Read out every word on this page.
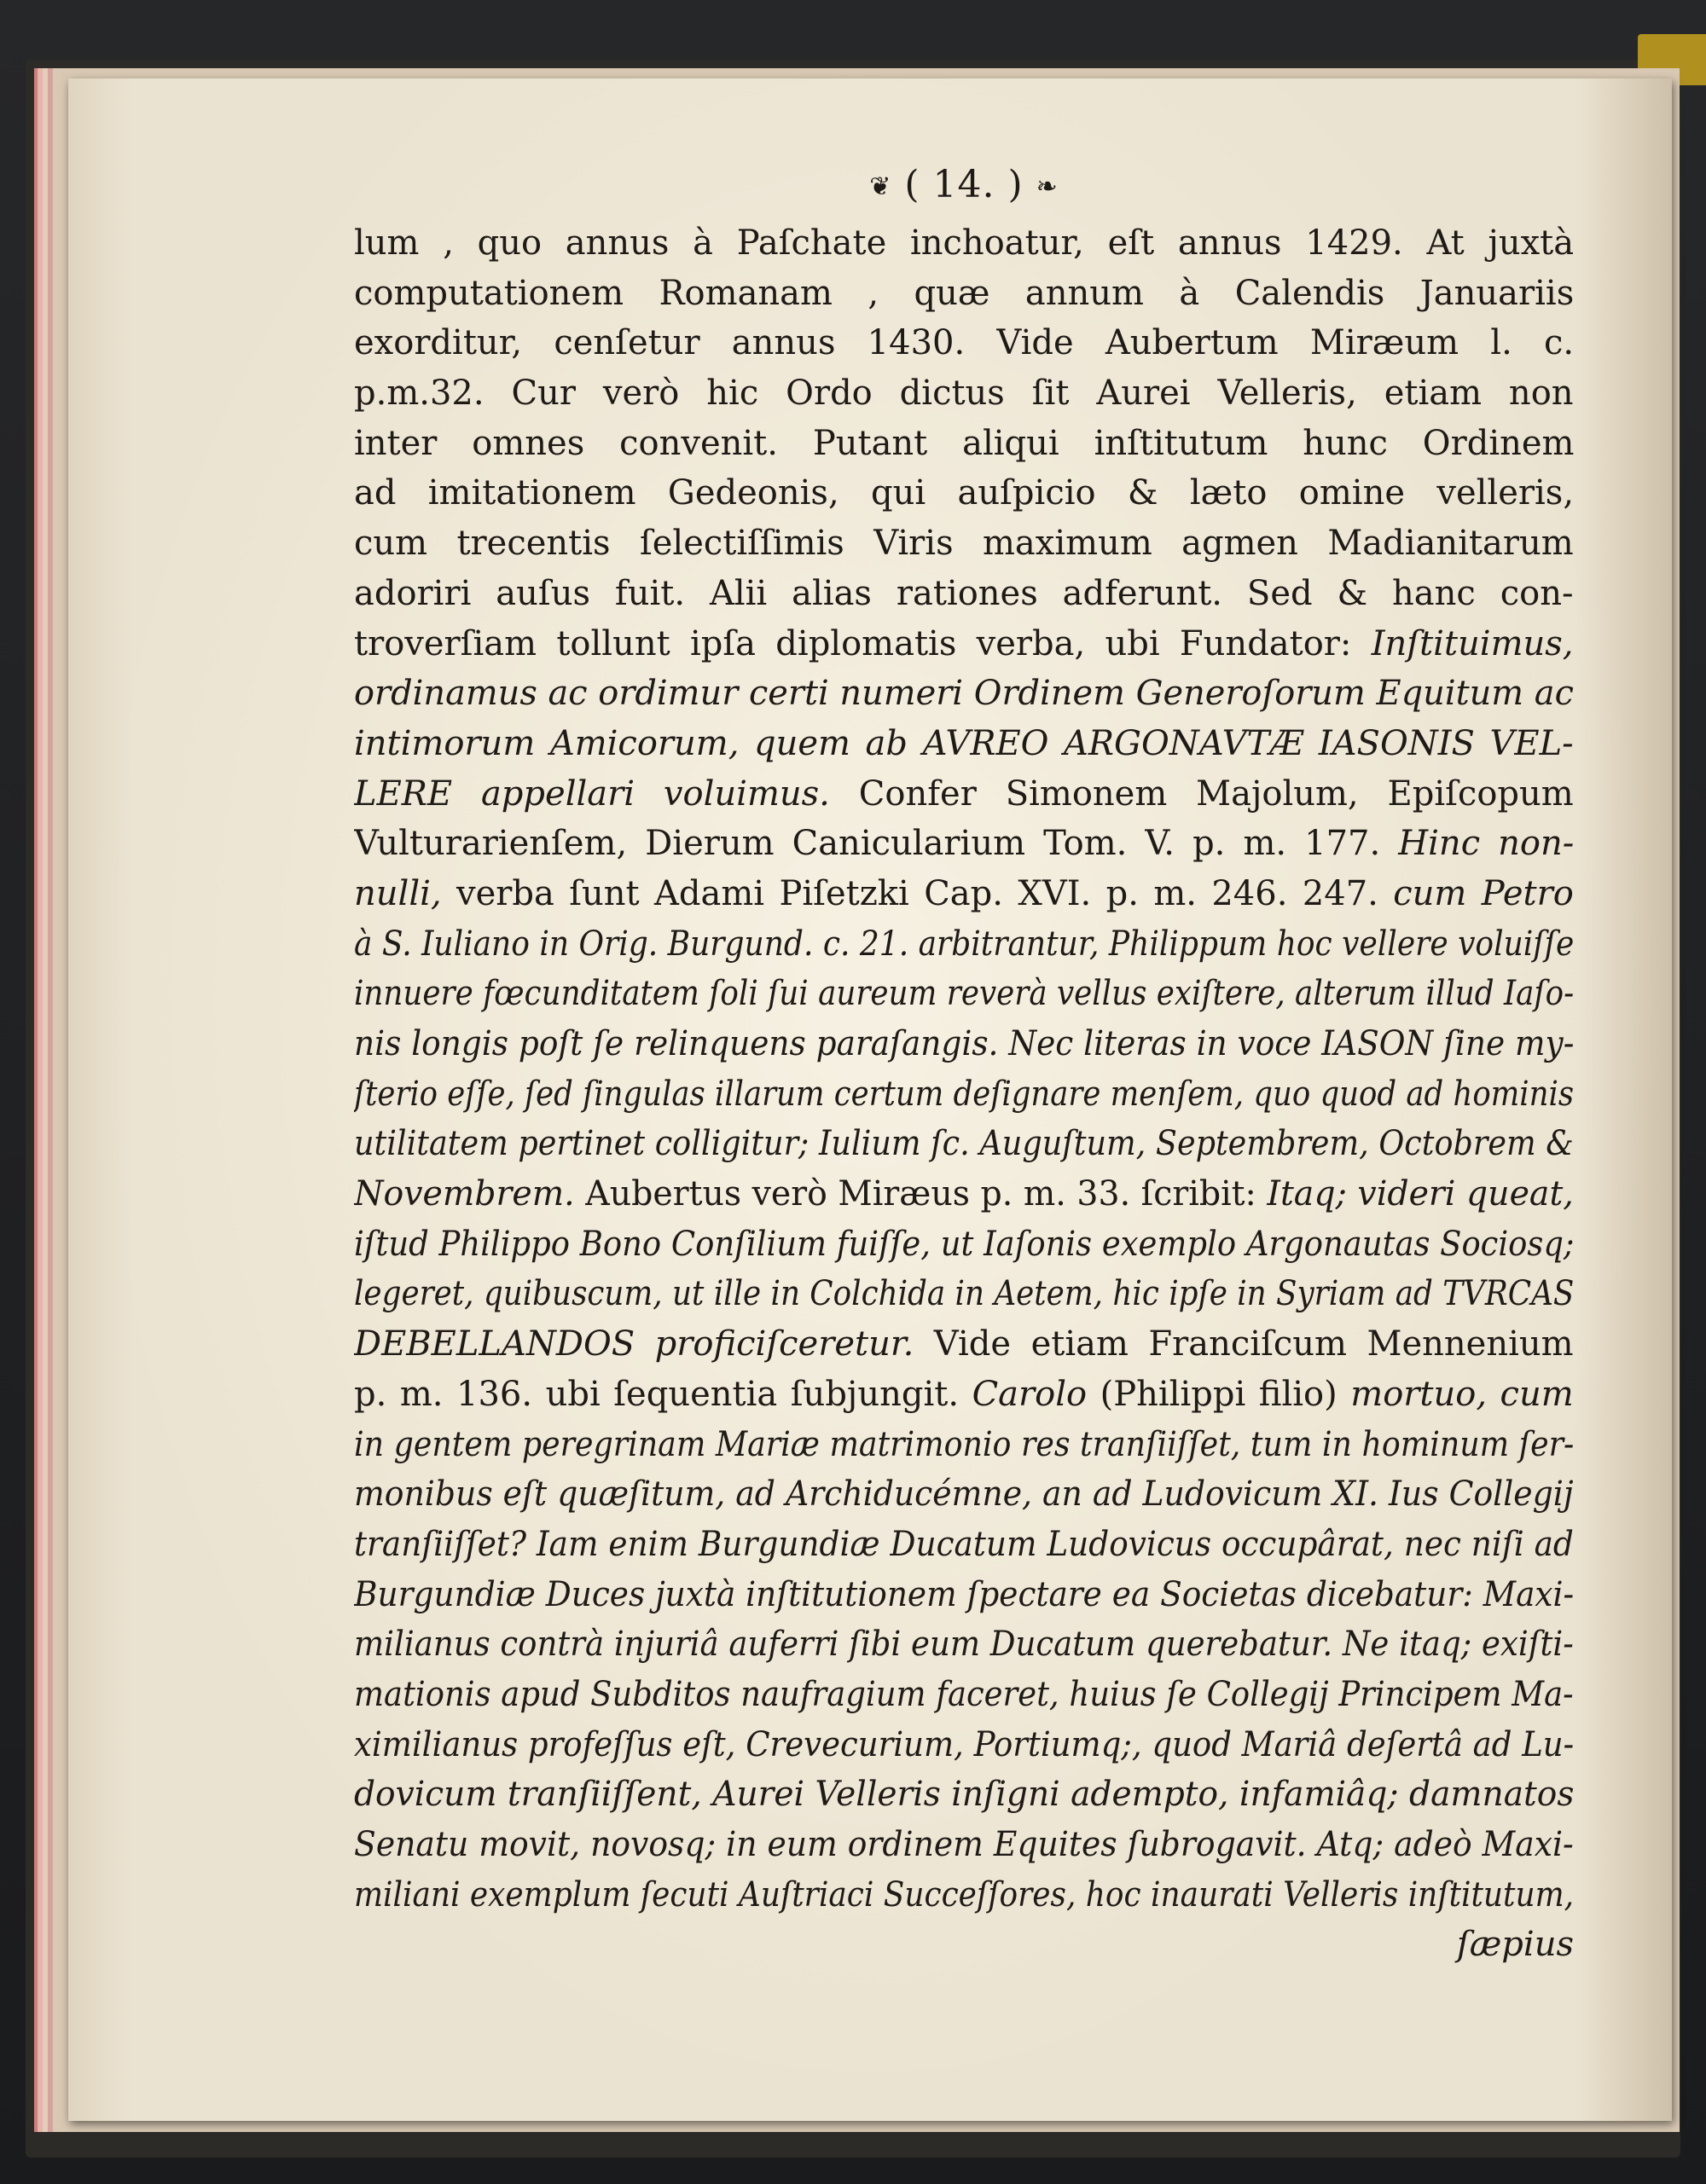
❦ ( 14. ) ❧
lum , quo annus à Paſchate inchoatur, eſt annus 1429. At juxtà
computationem Romanam , quæ annum à Calendis Januariis
exorditur, cenſetur annus 1430. Vide Aubertum Miræum l. c.
p.m.32. Cur verò hic Ordo dictus ſit Aurei Velleris, etiam non
inter omnes convenit. Putant aliqui inſtitutum hunc Ordinem
ad imitationem Gedeonis, qui auſpicio & læto omine velleris,
cum trecentis ſelectiſſimis Viris maximum agmen Madianitarum
adoriri auſus fuit. Alii alias rationes adferunt. Sed & hanc con-
troverſiam tollunt ipſa diplomatis verba, ubi Fundator: Inſtituimus,
ordinamus ac ordimur certi numeri Ordinem Generoſorum Equitum ac
intimorum Amicorum, quem ab AVREO ARGONAVTÆ IASONIS VEL-
LERE appellari voluimus. Confer Simonem Majolum, Epiſcopum
Vulturarienſem, Dierum Canicularium Tom. V. p. m. 177. Hinc non-
nulli, verba ſunt Adami Piſetzki Cap. XVI. p. m. 246. 247. cum Petro
à S. Iuliano in Orig. Burgund. c. 21. arbitrantur, Philippum hoc vellere voluiſſe
innuere fœcunditatem ſoli ſui aureum reverà vellus exiſtere, alterum illud Iaſo-
nis longis poſt ſe relinquens paraſangis. Nec literas in voce IASON ſine my-
ſterio eſſe, ſed ſingulas illarum certum deſignare menſem, quo quod ad hominis
utilitatem pertinet colligitur; Iulium ſc. Auguſtum, Septembrem, Octobrem &
Novembrem. Aubertus verò Miræus p. m. 33. ſcribit: Itaq; videri queat,
iſtud Philippo Bono Conſilium fuiſſe, ut Iaſonis exemplo Argonautas Sociosq;
legeret, quibuscum, ut ille in Colchida in Aetem, hic ipſe in Syriam ad TVRCAS
DEBELLANDOS proficiſceretur. Vide etiam Franciſcum Mennenium
p. m. 136. ubi ſequentia ſubjungit. Carolo (Philippi filio) mortuo, cum
in gentem peregrinam Mariæ matrimonio res tranſiiſſet, tum in hominum ſer-
monibus eſt quæſitum, ad Archiducémne, an ad Ludovicum XI. Ius Collegij
tranſiiſſet? Iam enim Burgundiæ Ducatum Ludovicus occupârat, nec niſi ad
Burgundiæ Duces juxtà inſtitutionem ſpectare ea Societas dicebatur: Maxi-
milianus contrà injuriâ auferri ſibi eum Ducatum querebatur. Ne itaq; exiſti-
mationis apud Subditos naufragium faceret, huius ſe Collegij Principem Ma-
ximilianus profeſſus eſt, Crevecurium, Portiumq;, quod Mariâ deſertâ ad Lu-
dovicum tranſiiſſent, Aurei Velleris inſigni adempto, infamiâq; damnatos
Senatu movit, novosq; in eum ordinem Equites ſubrogavit. Atq; adeò Maxi-
miliani exemplum ſecuti Auſtriaci Succeſſores, hoc inaurati Velleris inſtitutum,
ſæpius
